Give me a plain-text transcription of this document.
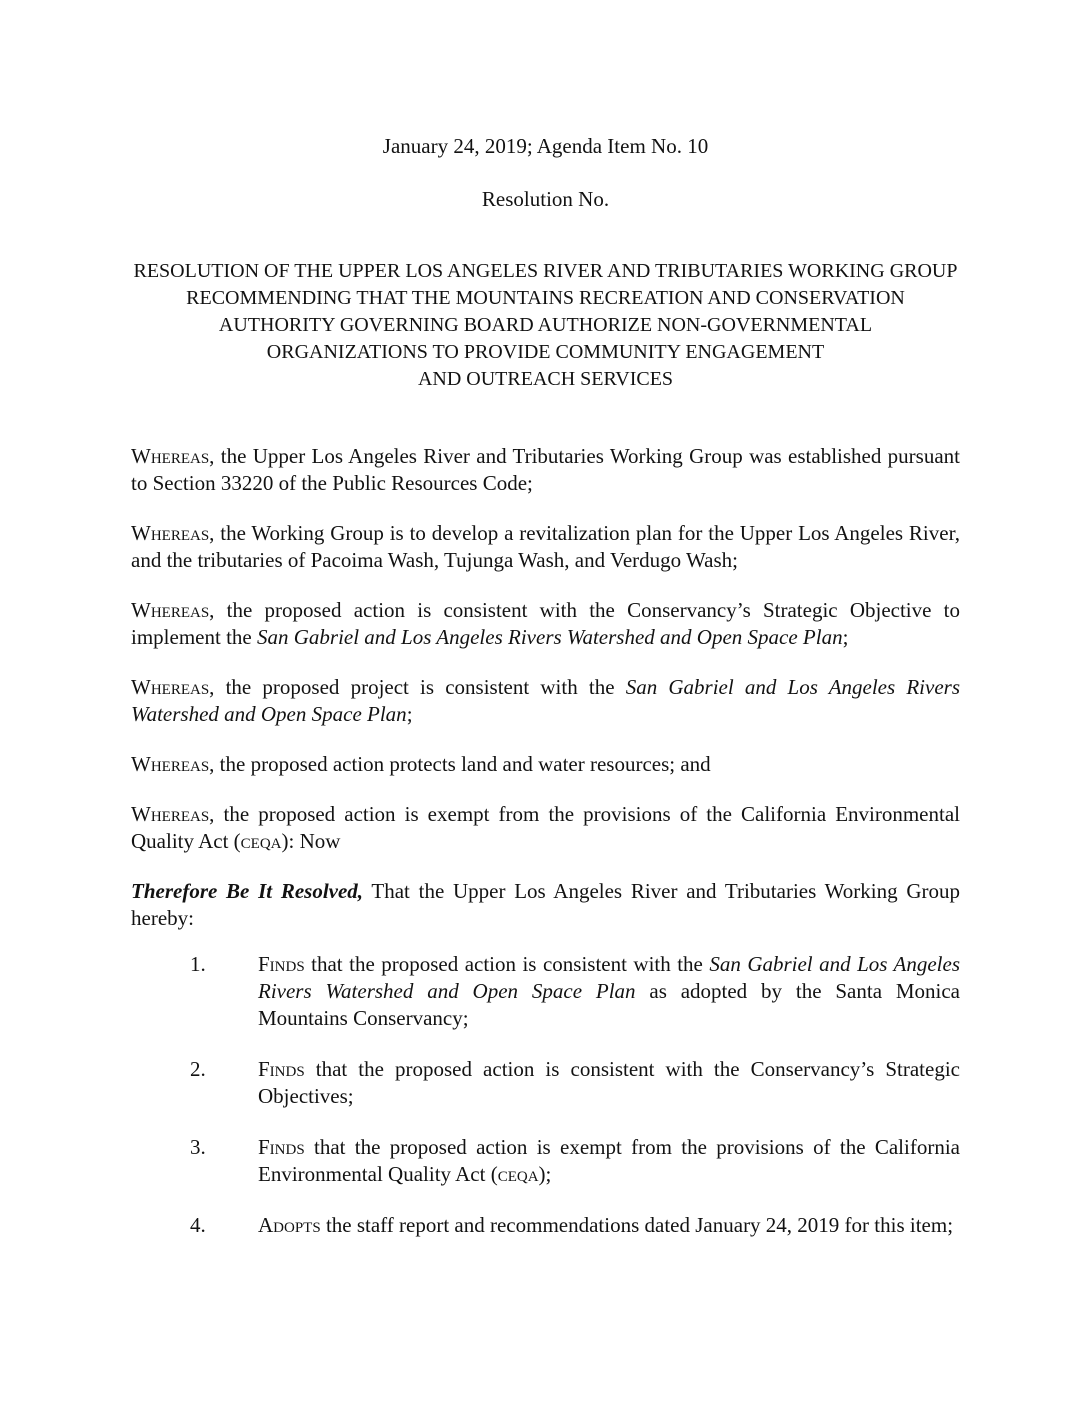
January 24, 2019; Agenda Item No. 10
Resolution No.
RESOLUTION OF THE UPPER LOS ANGELES RIVER AND TRIBUTARIES WORKING GROUP
RECOMMENDING THAT THE MOUNTAINS RECREATION AND CONSERVATION
AUTHORITY GOVERNING BOARD AUTHORIZE NON-GOVERNMENTAL
ORGANIZATIONS TO PROVIDE COMMUNITY ENGAGEMENT
AND OUTREACH SERVICES

Whereas, the Upper Los Angeles River and Tributaries Working Group was established pursuant to Section 33220 of the Public Resources Code;

Whereas, the Working Group is to develop a revitalization plan for the Upper Los Angeles River, and the tributaries of Pacoima Wash, Tujunga Wash, and Verdugo Wash;

Whereas, the proposed action is consistent with the Conservancy’s Strategic Objective to implement the San Gabriel and Los Angeles Rivers Watershed and Open Space Plan;

Whereas, the proposed project is consistent with the San Gabriel and Los Angeles Rivers Watershed and Open Space Plan;

Whereas, the proposed action protects land and water resources; and

Whereas, the proposed action is exempt from the provisions of the California Environmental Quality Act (ceqa): Now

Therefore Be It Resolved, That the Upper Los Angeles River and Tributaries Working Group hereby:

1.	Finds that the proposed action is consistent with the San Gabriel and Los Angeles Rivers Watershed and Open Space Plan as adopted by the Santa Monica Mountains Conservancy;
2.	Finds that the proposed action is consistent with the Conservancy’s Strategic Objectives;
3.	Finds that the proposed action is exempt from the provisions of the California Environmental Quality Act (ceqa);
4.	Adopts the staff report and recommendations dated January 24, 2019 for this item;
